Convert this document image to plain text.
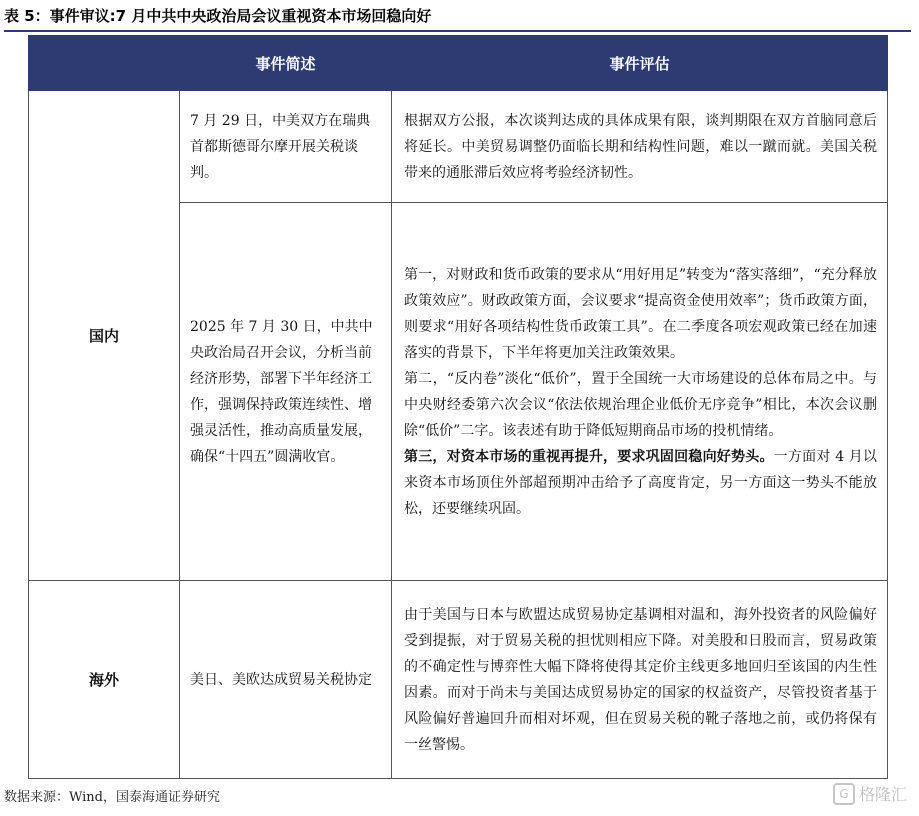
表 5：事件审议:7 月中共中央政治局会议重视资本市场回稳向好
	事件简述	事件评估
国内	7 月 29 日，中美双方在瑞典首都斯德哥尔摩开展关税谈判。	根据双方公报，本次谈判达成的具体成果有限，谈判期限在双方首脑同意后将延长。中美贸易调整仍面临长期和结构性问题，难以一蹴而就。美国关税带来的通胀滞后效应将考验经济韧性。
	2025 年 7 月 30 日，中共中央政治局召开会议，分析当前经济形势，部署下半年经济工作，强调保持政策连续性、增强灵活性，推动高质量发展，确保“十四五”圆满收官。	第一，对财政和货币政策的要求从“用好用足”转变为“落实落细”，“充分释放政策效应”。财政政策方面，会议要求“提高资金使用效率”；货币政策方面，则要求“用好各项结构性货币政策工具”。在二季度各项宏观政策已经在加速落实的背景下，下半年将更加关注政策效果。
第二，“反内卷”淡化“低价”，置于全国统一大市场建设的总体布局之中。与中央财经委第六次会议“依法依规治理企业低价无序竞争”相比，本次会议删除“低价”二字。该表述有助于降低短期商品市场的投机情绪。
第三，对资本市场的重视再提升，要求巩固回稳向好势头。一方面对 4 月以来资本市场顶住外部超预期冲击给予了高度肯定，另一方面这一势头不能放松，还要继续巩固。

海外	美日、美欧达成贸易关税协定	由于美国与日本与欧盟达成贸易协定基调相对温和，海外投资者的风险偏好受到提振，对于贸易关税的担忧则相应下降。对美股和日股而言，贸易政策的不确定性与博弈性大幅下降将使得其定价主线更多地回归至该国的内生性因素。而对于尚未与美国达成贸易协定的国家的权益资产，尽管投资者基于风险偏好普遍回升而相对坏观，但在贸易关税的靴子落地之前，或仍将保有一丝警惕。
数据来源：Wind，国泰海通证券研究	G 格隆汇
